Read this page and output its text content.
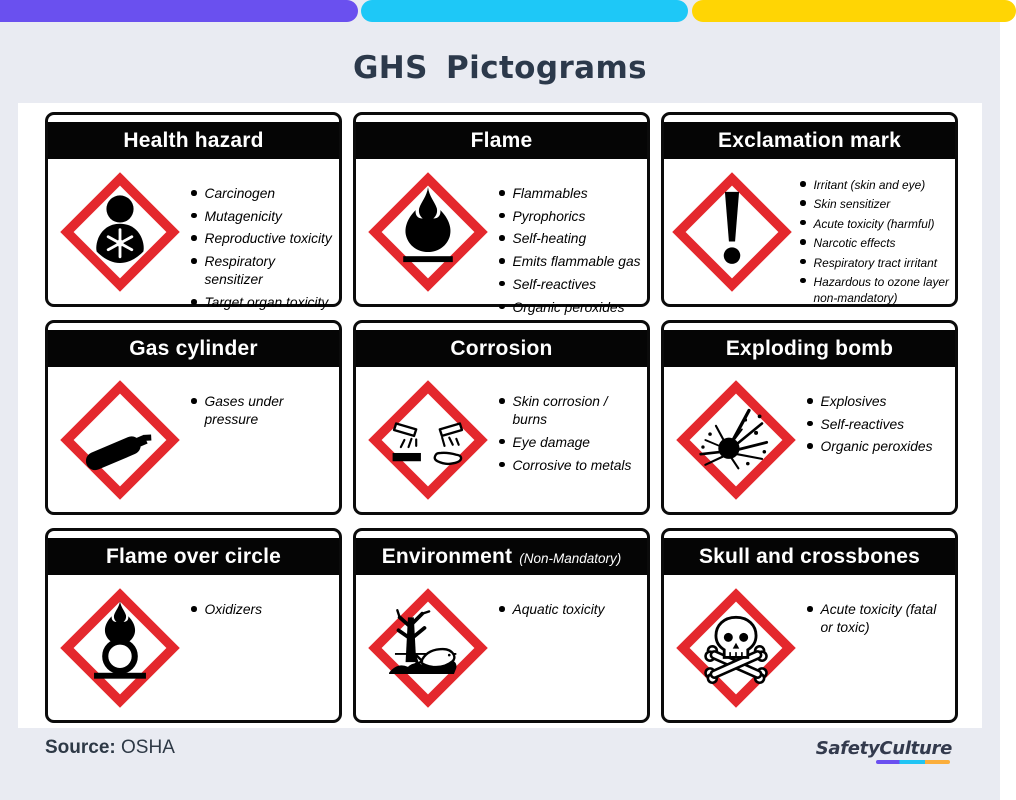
GHS Pictograms
Health hazard
Carcinogen
Mutagenicity
Reproductive toxicity
Respiratory sensitizer
Target organ toxicity
Flame
Flammables
Pyrophorics
Self-heating
Emits flammable gas
Self-reactives
Organic peroxides
Exclamation mark
Irritant (skin and eye)
Skin sensitizer
Acute toxicity (harmful)
Narcotic effects
Respiratory tract irritant
Hazardous to ozone layer non-mandatory)
Gas cylinder
Gases under pressure
Corrosion
Skin corrosion / burns
Eye damage
Corrosive to metals
Exploding bomb
Explosives
Self-reactives
Organic peroxides
Flame over circle
Oxidizers
Environment (Non-Mandatory)
Aquatic toxicity
Skull and crossbones
Acute toxicity (fatal or toxic)
Source: OSHA	SafetyCulture
